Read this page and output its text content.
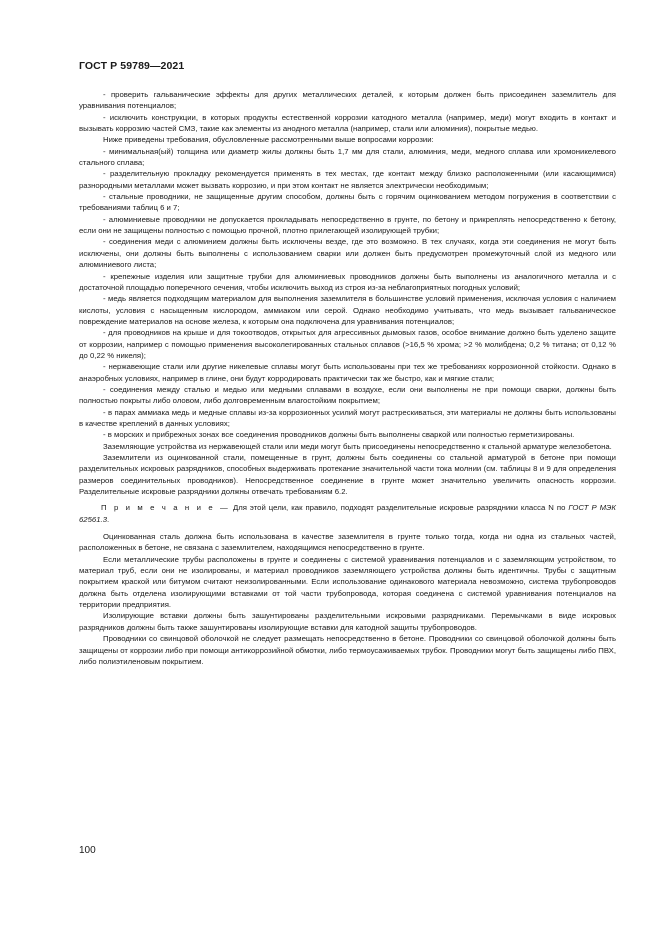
ГОСТ Р 59789—2021

- проверить гальванические эффекты для других металлических деталей, к которым должен быть присоединен заземлитель для уравнивания потенциалов;

- исключить конструкции, в которых продукты естественной коррозии катодного металла (например, меди) могут входить в контакт и вызывать коррозию частей СМЗ, такие как элементы из анодного металла (например, стали или алюминия), покрытые медью.

Ниже приведены требования, обусловленные рассмотренными выше вопросами коррозии:

- минимальная(ый) толщина или диаметр жилы должны быть 1,7 мм для стали, алюминия, меди, медного сплава или хромоникелевого стального сплава;

- разделительную прокладку рекомендуется применять в тех местах, где контакт между близко расположенными (или касающимися) разнородными металлами может вызвать коррозию, и при этом контакт не является электрически необходимым;

- стальные проводники, не защищенные другим способом, должны быть с горячим оцинкованием методом погружения в соответствии с требованиями таблиц 6 и 7;

- алюминиевые проводники не допускается прокладывать непосредственно в грунте, по бетону и прикреплять непосредственно к бетону, если они не защищены полностью с помощью прочной, плотно прилегающей изолирующей трубки;

- соединения меди с алюминием должны быть исключены везде, где это возможно. В тех случаях, когда эти соединения не могут быть исключены, они должны быть выполнены с использованием сварки или должен быть предусмотрен промежуточный слой из медного или алюминиевого листа;

- крепежные изделия или защитные трубки для алюминиевых проводников должны быть выполнены из аналогичного металла и с достаточной площадью поперечного сечения, чтобы исключить выход из строя из-за неблагоприятных погодных условий;

- медь является подходящим материалом для выполнения заземлителя в большинстве условий применения, исключая условия с наличием кислоты, условия с насыщенным кислородом, аммиаком или серой. Однако необходимо учитывать, что медь вызывает гальваническое повреждение материалов на основе железа, к которым она подключена для уравнивания потенциалов;

- для проводников на крыше и для токоотводов, открытых для агрессивных дымовых газов, особое внимание должно быть уделено защите от коррозии, например с помощью применения высоколегированных стальных сплавов (>16,5 % хрома; >2 % молибдена; 0,2 % титана; от 0,12 % до 0,22 % никеля);

- нержавеющие стали или другие никелевые сплавы могут быть использованы при тех же требованиях коррозионной стойкости. Однако в анаэробных условиях, например в глине, они будут корродировать практически так же быстро, как и мягкие стали;

- соединения между сталью и медью или медными сплавами в воздухе, если они выполнены не при помощи сварки, должны быть полностью покрыты либо оловом, либо долговременным влагостойким покрытием;

- в парах аммиака медь и медные сплавы из-за коррозионных усилий могут растрескиваться, эти материалы не должны быть использованы в качестве креплений в данных условиях;

- в морских и прибрежных зонах все соединения проводников должны быть выполнены сваркой или полностью герметизированы.

Заземляющие устройства из нержавеющей стали или меди могут быть присоединены непосредственно к стальной арматуре железобетона.

Заземлители из оцинкованной стали, помещенные в грунт, должны быть соединены со стальной арматурой в бетоне при помощи разделительных искровых разрядников, способных выдерживать протекание значительной части тока молнии (см. таблицы 8 и 9 для определения размеров соединительных проводников). Непосредственное соединение в грунте может значительно увеличить опасность коррозии. Разделительные искровые разрядники должны отвечать требованиям 6.2.

П р и м е ч а н и е — Для этой цели, как правило, подходят разделительные искровые разрядники класса N по ГОСТ Р МЭК 62561.3.

Оцинкованная сталь должна быть использована в качестве заземлителя в грунте только тогда, когда ни одна из стальных частей, расположенных в бетоне, не связана с заземлителем, находящимся непосредственно в грунте.

Если металлические трубы расположены в грунте и соединены с системой уравнивания потенциалов и с заземляющим устройством, то материал труб, если они не изолированы, и материал проводников заземляющего устройства должны быть идентичны. Трубы с защитным покрытием краской или битумом считают неизолированными. Если использование одинакового материала невозможно, система трубопроводов должна быть отделена изолирующими вставками от той части трубопровода, которая соединена с системой уравнивания потенциалов на территории предприятия.

Изолирующие вставки должны быть зашунтированы разделительными искровыми разрядниками. Перемычками в виде искровых разрядников должны быть также зашунтированы изолирующие вставки для катодной защиты трубопроводов.

Проводники со свинцовой оболочкой не следует размещать непосредственно в бетоне. Проводники со свинцовой оболочкой должны быть защищены от коррозии либо при помощи антикоррозийной обмотки, либо термоусаживаемых трубок. Проводники могут быть защищены либо ПВХ, либо полиэтиленовым покрытием.

100
